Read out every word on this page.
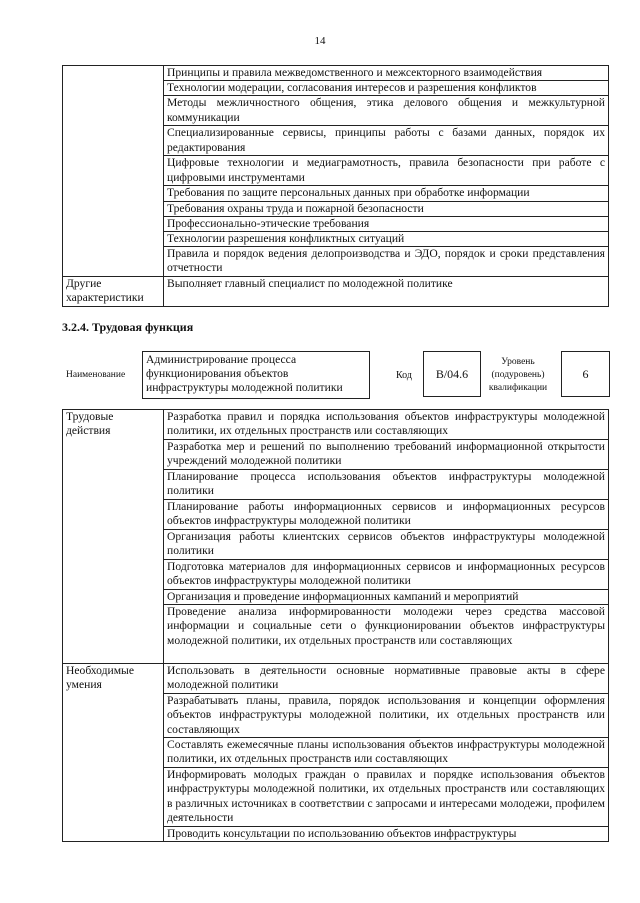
14
	Принципы и правила межведомственного и межсекторного взаимодействия
	Технологии модерации, согласования интересов и разрешения конфликтов
	Методы межличностного общения, этика делового общения и межкультурной коммуникации
	Специализированные сервисы, принципы работы с базами данных, порядок их редактирования
	Цифровые технологии и медиаграмотность, правила безопасности при работе с цифровыми инструментами
	Требования по защите персональных данных при обработке информации
	Требования охраны труда и пожарной безопасности
	Профессионально-этические требования
	Технологии разрешения конфликтных ситуаций
	Правила и порядок ведения делопроизводства и ЭДО, порядок и сроки представления отчетности
Другие характеристики	Выполняет главный специалист по молодежной политике
3.2.4. Трудовая функция
Наименование
Администрирование процесса функционирования объектов инфраструктуры молодежной политики
Код	B/04.6
Уровень (подуровень) квалификации
6
Трудовые действия	Разработка правил и порядка использования объектов инфраструктуры молодежной политики, их отдельных пространств или составляющих
	Разработка мер и решений по выполнению требований информационной открытости учреждений молодежной политики
	Планирование процесса использования объектов инфраструктуры молодежной политики
	Планирование работы информационных сервисов и информационных ресурсов объектов инфраструктуры молодежной политики
	Организация работы клиентских сервисов объектов инфраструктуры молодежной политики
	Подготовка материалов для информационных сервисов и информационных ресурсов объектов инфраструктуры молодежной политики
	Организация и проведение информационных кампаний и мероприятий
	Проведение анализа информированности молодежи через средства массовой информации и социальные сети о функционировании объектов инфраструктуры молодежной политики, их отдельных пространств или составляющих
Необходимые умения	Использовать в деятельности основные нормативные правовые акты в сфере молодежной политики
	Разрабатывать планы, правила, порядок использования и концепции оформления объектов инфраструктуры молодежной политики, их отдельных пространств или составляющих
	Составлять ежемесячные планы использования объектов инфраструктуры молодежной политики, их отдельных пространств или составляющих
	Информировать молодых граждан о правилах и порядке использования объектов инфраструктуры молодежной политики, их отдельных пространств или составляющих в различных источниках в соответствии с запросами и интересами молодежи, профилем деятельности
	Проводить консультации по использованию объектов инфраструктуры
